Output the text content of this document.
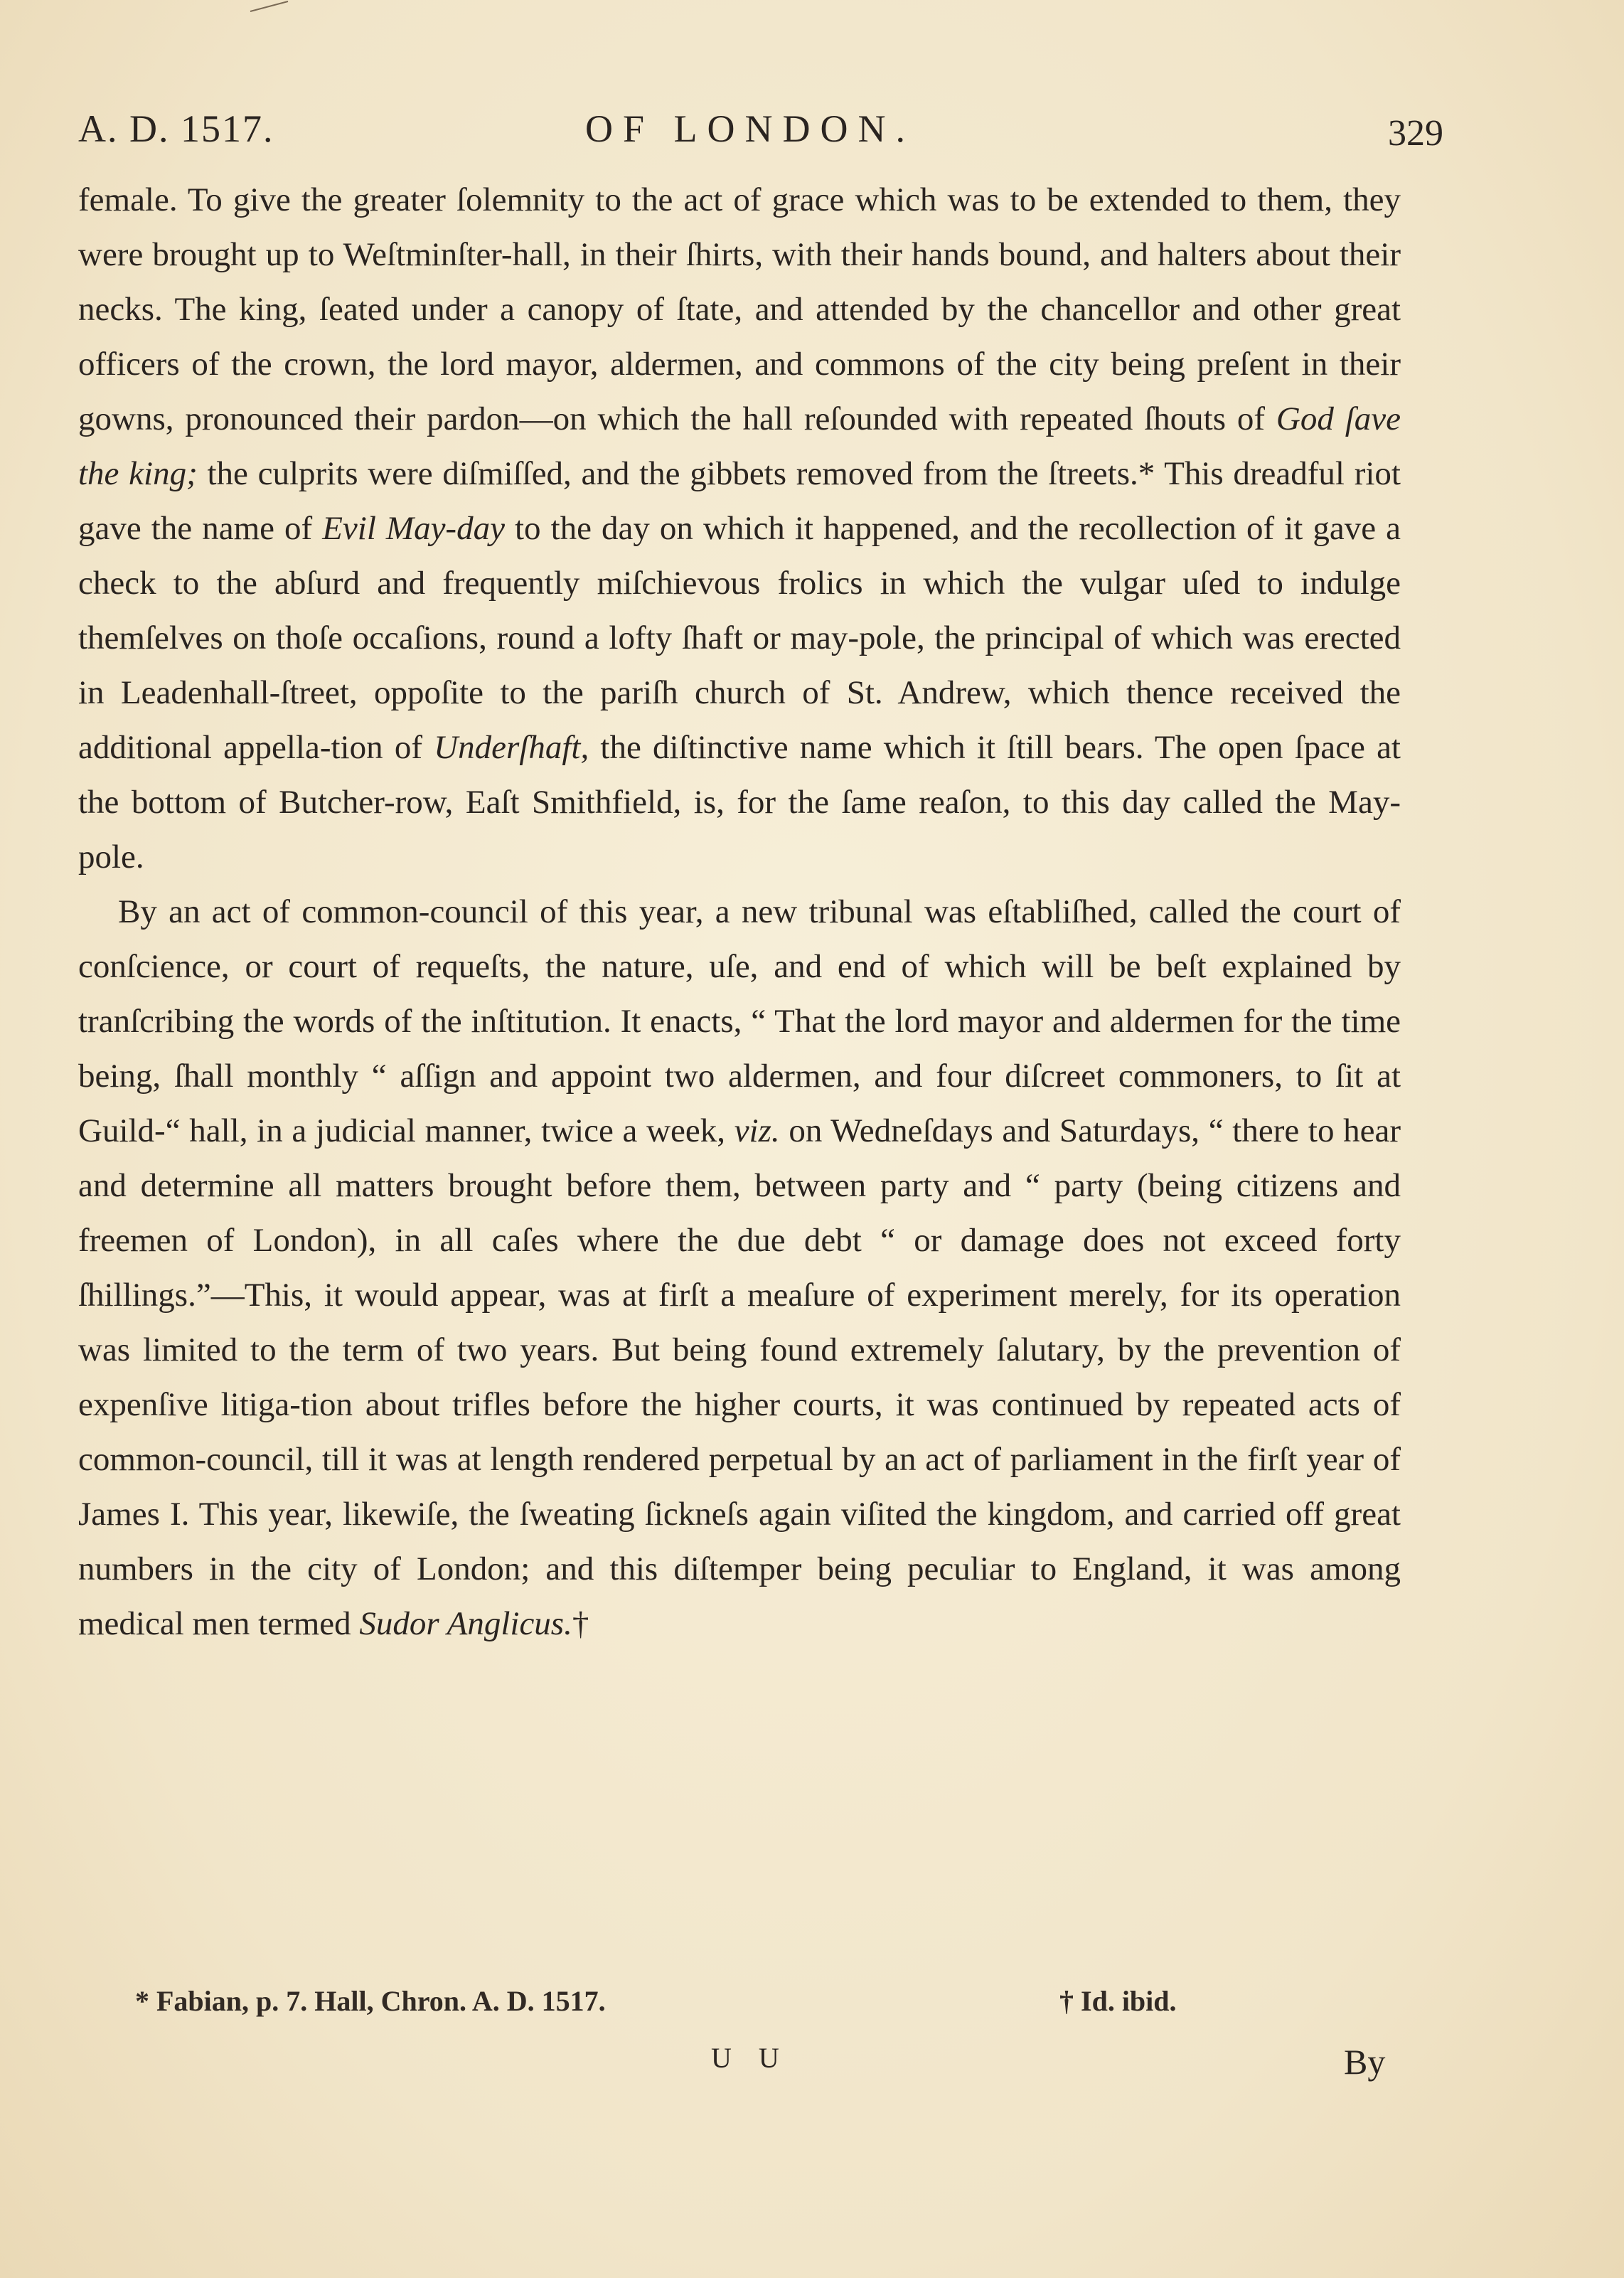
A. D. 1517.	OF LONDON.	329

female. To give the greater ſolemnity to the act of grace which was to be extended to them, they were brought up to Weſtminſter-hall, in their ſhirts, with their hands bound, and halters about their necks. The king, ſeated under a canopy of ſtate, and attended by the chancellor and other great officers of the crown, the lord mayor, aldermen, and commons of the city being preſent in their gowns, pronounced their pardon—on which the hall reſounded with repeated ſhouts of God ſave the king; the culprits were diſmiſſed, and the gibbets removed from the ſtreets.* This dreadful riot gave the name of Evil May-day to the day on which it happened, and the recollection of it gave a check to the abſurd and frequently miſchievous frolics in which the vulgar uſed to indulge themſelves on thoſe occaſions, round a lofty ſhaft or may-pole, the principal of which was erected in Leadenhall-ſtreet, oppoſite to the pariſh church of St. Andrew, which thence received the additional appella-tion of Underſhaft, the diſtinctive name which it ſtill bears. The open ſpace at the bottom of Butcher-row, Eaſt Smithfield, is, for the ſame reaſon, to this day called the May-pole.

By an act of common-council of this year, a new tribunal was eſtabliſhed, called the court of conſcience, or court of requeſts, the nature, uſe, and end of which will be beſt explained by tranſcribing the words of the inſtitution. It enacts, “ That the lord mayor and aldermen for the time being, ſhall monthly “ aſſign and appoint two aldermen, and four diſcreet commoners, to ſit at Guild-“ hall, in a judicial manner, twice a week, viz. on Wedneſdays and Saturdays, “ there to hear and determine all matters brought before them, between party and “ party (being citizens and freemen of London), in all caſes where the due debt “ or damage does not exceed forty ſhillings.”—This, it would appear, was at firſt a meaſure of experiment merely, for its operation was limited to the term of two years. But being found extremely ſalutary, by the prevention of expenſive litiga-tion about trifles before the higher courts, it was continued by repeated acts of common-council, till it was at length rendered perpetual by an act of parliament in the firſt year of James I. This year, likewiſe, the ſweating ſickneſs again viſited the kingdom, and carried off great numbers in the city of London; and this diſtemper being peculiar to England, it was among medical men termed Sudor Anglicus.†

* Fabian, p. 7. Hall, Chron. A. D. 1517.	† Id. ibid.
U U	By
